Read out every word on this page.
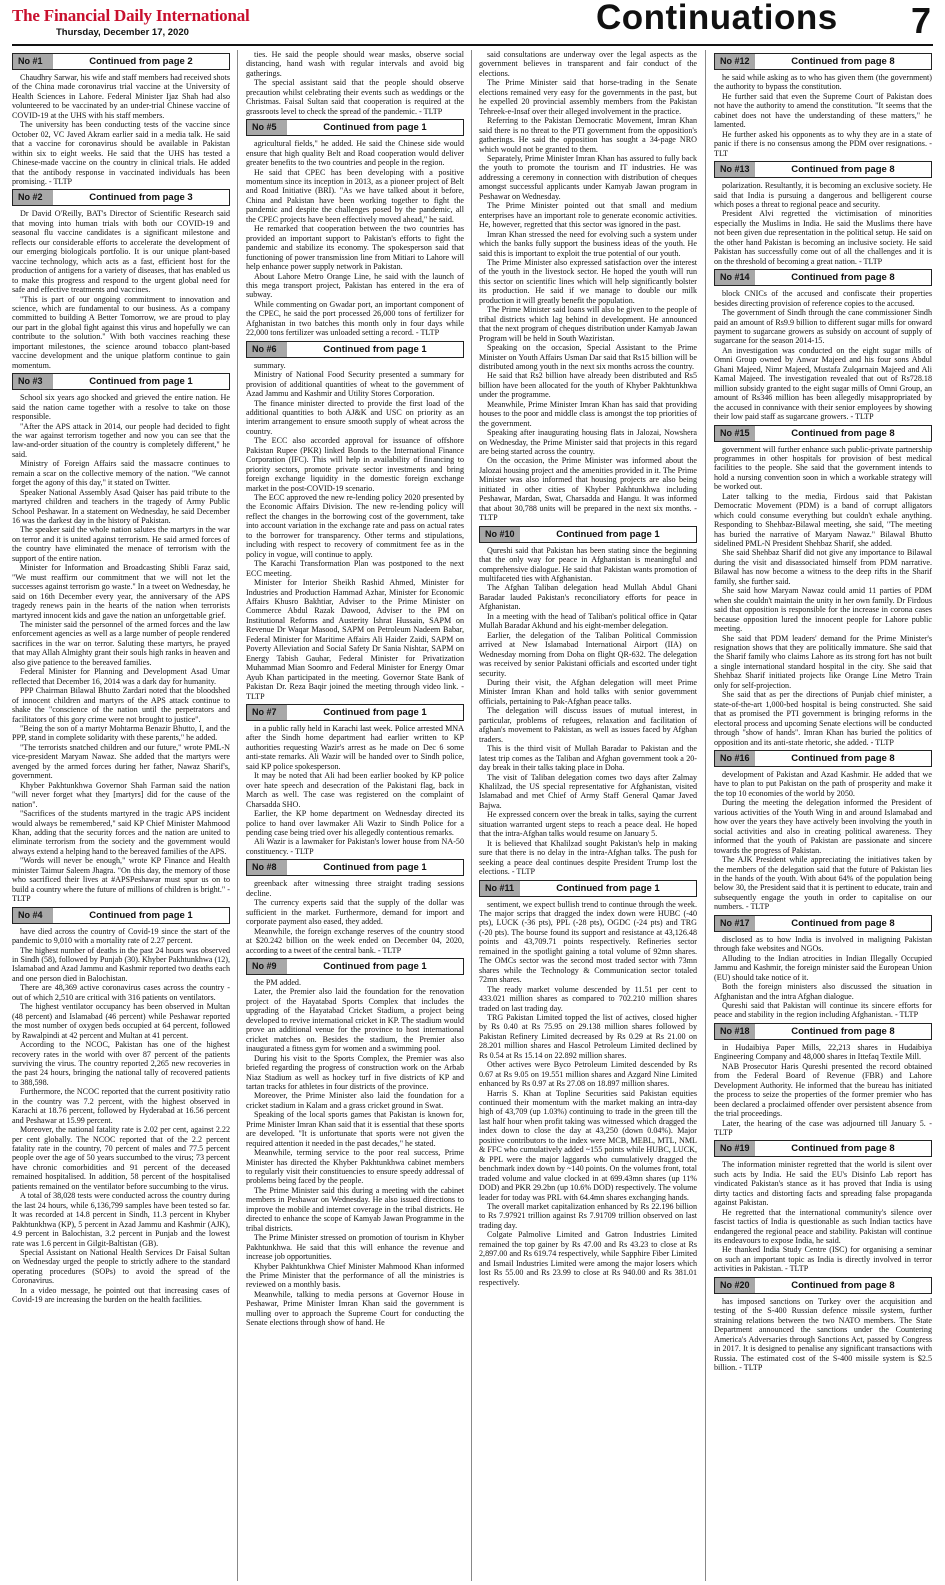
The Financial Daily International
Thursday, December 17, 2020	Continuations 7
No #1	Continued from page 2

Chaudhry Sarwar, his wife and staff members had received shots of the China made coronavirus trial vaccine at the University of Health Sciences in Lahore. Federal Minister Ijaz Shah had also volunteered to be vaccinated by an under-trial Chinese vaccine of COVID-19 at the UHS with his staff members.

The university has been conducting tests of the vaccine since October 02, VC Javed Akram earlier said in a media talk. He said that a vaccine for coronavirus should be available in Pakistan within six to eight weeks. He said that the UHS has tested a Chinese-made vaccine on the country in clinical trials. He added that the antibody response in vaccinated individuals has been promising. - TLTP

No #2	Continued from page 3

Dr David O'Reilly, BAT's Director of Scientific Research said that moving into human trials with both our COVID-19 and seasonal flu vaccine candidates is a significant milestone and reflects our considerable efforts to accelerate the development of our emerging biologicals portfolio. It is our unique plant-based vaccine technology, which acts as a fast, efficient host for the production of antigens for a variety of diseases, that has enabled us to make this progress and respond to the urgent global need for safe and effective treatments and vaccines.

"This is part of our ongoing commitment to innovation and science, which are fundamental to our business. As a company committed to building A Better Tomorrow, we are proud to play our part in the global fight against this virus and hopefully we can contribute to the solution." With both vaccines reaching these important milestones, the science around tobacco plant-based vaccine development and the unique platform continue to gain momentum.

No #3	Continued from page 1

School six years ago shocked and grieved the entire nation. He said the nation came together with a resolve to take on those responsible.

"After the APS attack in 2014, our people had decided to fight the war against terrorism together and now you can see that the law-and-order situation of the country is completely different," he said.

Ministry of Foreign Affairs said the massacre continues to remain a scar on the collective memory of the nation. "We cannot forget the agony of this day," it stated on Twitter.

Speaker National Assembly Asad Qaiser has paid tribute to the martyred children and teachers in the tragedy of Army Public School Peshawar. In a statement on Wednesday, he said December 16 was the darkest day in the history of Pakistan.

The speaker said the whole nation salutes the martyrs in the war on terror and it is united against terrorism. He said armed forces of the country have eliminated the menace of terrorism with the support of the entire nation.

Minister for Information and Broadcasting Shibli Faraz said, "We must reaffirm our commitment that we will not let the successes against terrorism go waste." In a tweet on Wednesday, he said on 16th December every year, the anniversary of the APS tragedy renews pain in the hearts of the nation when terrorists martyred innocent kids and gave the nation an unforgettable grief.

The minister said the personnel of the armed forces and the law enforcement agencies as well as a large number of people rendered sacrifices in the war on terror. Saluting these martyrs, he prayed that may Allah Almighty grant their souls high ranks in heaven and also give patience to the bereaved families.

Federal Minister for Planning and Development Asad Umar reflected that December 16, 2014 was a dark day for humanity.

PPP Chairman Bilawal Bhutto Zardari noted that the bloodshed of innocent children and martyrs of the APS attack continue to shake the "conscience of the nation until the perpetrators and facilitators of this gory crime were not brought to justice".

"Being the son of a martyr Mohtarma Benazir Bhutto, I, and the PPP, stand in complete solidarity with these parents," he added.

"The terrorists snatched children and our future," wrote PML-N vice-president Maryam Nawaz. She added that the martyrs were avenged by the armed forces during her father, Nawaz Sharif's, government.

Khyber Pakhtunkhwa Governor Shah Farman said the nation "will never forget what they [martyrs] did for the cause of the nation".

"Sacrifices of the students martyred in the tragic APS incident would always be remembered," said KP Chief Minister Mahmood Khan, adding that the security forces and the nation are united to eliminate terrorism from the society and the government would always extend a helping hand to the bereaved families of the APS.

"Words will never be enough," wrote KP Finance and Health minister Taimur Saleem Jhagra. "On this day, the memory of those who sacrificed their lives at #APSPeshawar must spur us on to build a country where the future of millions of children is bright." - TLTP

No #4	Continued from page 1

have died across the country of Covid-19 since the start of the pandemic to 9,010 with a mortality rate of 2.27 percent.

The highest number of deaths in the past 24 hours was observed in Sindh (58), followed by Punjab (30). Khyber Pakhtunkhwa (12), Islamabad and Azad Jammu and Kashmir reported two deaths each and one person died in Balochistan.

There are 48,369 active coronavirus cases across the country - out of which 2,510 are critical with 316 patients on ventilators.

The highest ventilator occupancy has been observed in Multan (48 percent) and Islamabad (46 percent) while Peshawar reported the most number of oxygen beds occupied at 64 percent, followed by Rawalpindi at 42 percent and Multan at 41 percent.

According to the NCOC, Pakistan has one of the highest recovery rates in the world with over 87 percent of the patients surviving the virus. The country reported 2,265 new recoveries in the past 24 hours, bringing the national tally of recovered patients to 388,598.

Furthermore, the NCOC reported that the current positivity ratio in the country was 7.2 percent, with the highest observed in Karachi at 18.76 percent, followed by Hyderabad at 16.56 percent and Peshawar at 15.99 percent.

Moreover, the national fatality rate is 2.02 per cent, against 2.22 per cent globally. The NCOC reported that of the 2.2 percent fatality rate in the country, 70 percent of males and 77.5 percent people over the age of 50 years succumbed to the virus; 73 percent have chronic comorbidities and 91 percent of the deceased remained hospitalised. In addition, 58 percent of the hospitalised patients remained on the ventilator before succumbing to the virus.

A total of 38,028 tests were conducted across the country during the last 24 hours, while 6,136,799 samples have been tested so far. It was recorded at 14.8 percent in Sindh, 11.3 percent in Khyber Pakhtunkhwa (KP), 5 percent in Azad Jammu and Kashmir (AJK), 4.9 percent in Balochistan, 3.2 percent in Punjab and the lowest rate was 1.6 percent in Gilgit-Baltistan (GB).

Special Assistant on National Health Services Dr Faisal Sultan on Wednesday urged the people to strictly adhere to the standard operating procedures (SOPs) to avoid the spread of the Coronavirus.

In a video message, he pointed out that increasing cases of Covid-19 are increasing the burden on the health facilities.

ties. He said the people should wear masks, observe social distancing, hand wash with regular intervals and avoid big gatherings.

The special assistant said that the people should observe precaution whilst celebrating their events such as weddings or the Christmas. Faisal Sultan said that cooperation is required at the grassroots level to check the spread of the pandemic. - TLTP

No #5	Continued from page 1

agricultural fields," he added. He said the Chinese side would ensure that high quality Belt and Road cooperation would deliver greater benefits to the two countries and people in the region.

He said that CPEC has been developing with a positive momentum since its inception in 2013, as a pioneer project of Belt and Road Initiative (BRI). "As we have talked about it before, China and Pakistan have been working together to fight the pandemic and despite the challenges posed by the pandemic, all the CPEC projects have been effectively moved ahead," he said.

He remarked that cooperation between the two countries has provided an important support to Pakistan's efforts to fight the pandemic and stabilize its economy. The spokesperson said that functioning of power transmission line from Mitiari to Lahore will help enhance power supply network in Pakistan.

About Lahore Metro Orange Line, he said with the launch of this mega transport project, Pakistan has entered in the era of subway.

While commenting on Gwadar port, an important component of the CPEC, he said the port processed 26,000 tons of fertilizer for Afghanistan in two batches this month only in four days while 22,000 tons fertilizer was unloaded setting a record. - TLTP

No #6	Continued from page 1

summary.

Ministry of National Food Security presented a summary for provision of additional quantities of wheat to the government of Azad Jammu and Kashmir and Utility Stores Corporation.

The finance minister directed to provide the first load of the additional quantities to both AJ&K and USC on priority as an interim arrangement to ensure smooth supply of wheat across the country.

The ECC also accorded approval for issuance of offshore Pakistan Rupee (PKR) linked Bonds to the International Finance Corporation (IFC). This will help in availability of financing to priority sectors, promote private sector investments and bring foreign exchange liquidity in the domestic foreign exchange market in the post-COVID-19 scenario.

The ECC approved the new re-lending policy 2020 presented by the Economic Affairs Division. The new re-lending policy will reflect the changes in the borrowing cost of the government, take into account variation in the exchange rate and pass on actual rates to the borrower for transparency. Other terms and stipulations, including with respect to recovery of commitment fee as in the policy in vogue, will continue to apply.

The Karachi Transformation Plan was postponed to the next ECC meeting.

Minister for Interior Sheikh Rashid Ahmed, Minister for Industries and Production Hammad Azhar, Minister for Economic Affairs Khusro Bakhtiar, Adviser to the Prime Minister on Commerce Abdul Razak Dawood, Adviser to the PM on Institutional Reforms and Austerity Ishrat Hussain, SAPM on Revenue Dr Waqar Masood, SAPM on Petroleum Nadeem Babar, Federal Minister for Maritime Affairs Ali Haider Zaidi, SAPM on Poverty Alleviation and Social Safety Dr Sania Nishtar, SAPM on Energy Tabish Gauhar, Federal Minister for Privatization Muhammad Mian Soomro and Federal Minister for Energy Omar Ayub Khan participated in the meeting. Governor State Bank of Pakistan Dr. Reza Baqir joined the meeting through video link. - TLTP

No #7	Continued from page 1

in a public rally held in Karachi last week. Police arrested MNA after the Sindh home department had earlier written to KP authorities requesting Wazir's arrest as he made on Dec 6 some anti-state remarks. Ali Wazir will be handed over to Sindh police, said KP police spokesperson.

It may be noted that Ali had been earlier booked by KP police over hate speech and desecration of the Pakistani flag, back in March as well. The case was registered on the complaint of Charsadda SHO.

Earlier, the KP home department on Wednesday directed its police to hand over lawmaker Ali Wazir to Sindh Police for a pending case being tried over his allegedly contentious remarks.

Ali Wazir is a lawmaker for Pakistan's lower house from NA-50 constituency. - TLTP

No #8	Continued from page 1

greenback after witnessing three straight trading sessions decline.

The currency experts said that the supply of the dollar was sufficient in the market. Furthermore, demand for import and corporate payment also eased, they added.

Meanwhile, the foreign exchange reserves of the country stood at $20.242 billion on the week ended on December 04, 2020, according to a tweet of the central bank. - TLTP

No #9	Continued from page 1

the PM added.

Later, the Premier also laid the foundation for the renovation project of the Hayatabad Sports Complex that includes the upgrading of the Hayatabad Cricket Stadium, a project being developed to revive international cricket in KP. The stadium would prove an additional venue for the province to host international cricket matches on. Besides the stadium, the Premier also inaugurated a fitness gym for women and a swimming pool.

During his visit to the Sports Complex, the Premier was also briefed regarding the progress of construction work on the Arbab Niaz Stadium as well as hockey turf in five districts of KP and tartan tracks for athletes in four districts of the province.

Moreover, the Prime Minister also laid the foundation for a cricket stadium in Kalam and a grass cricket ground in Swat.

Speaking of the local sports games that Pakistan is known for, Prime Minister Imran Khan said that it is essential that these sports are developed. "It is unfortunate that sports were not given the required attention it needed in the past decades," he stated.

Meanwhile, terming service to the poor real success, Prime Minister has directed the Khyber Pakhtunkhwa cabinet members to regularly visit their constituencies to ensure speedy addressal of problems being faced by the people.

The Prime Minister said this during a meeting with the cabinet members in Peshawar on Wednesday. He also issued directions to improve the mobile and internet coverage in the tribal districts. He directed to enhance the scope of Kamyab Jawan Programme in the tribal districts.

The Prime Minister stressed on promotion of tourism in Khyber Pakhtunkhwa. He said that this will enhance the revenue and increase job opportunities.

Khyber Pakhtunkhwa Chief Minister Mahmood Khan informed the Prime Minister that the performance of all the ministries is reviewed on a monthly basis.

Meanwhile, talking to media persons at Governor House in Peshawar, Prime Minister Imran Khan said the government is mulling over to approach the Supreme Court for conducting the Senate elections through show of hand. He

said consultations are underway over the legal aspects as the government believes in transparent and fair conduct of the elections.

The Prime Minister said that horse-trading in the Senate elections remained very easy for the governments in the past, but he expelled 20 provincial assembly members from the Pakistan Tehreek-e-Insaf over their alleged involvement in the practice.

Referring to the Pakistan Democratic Movement, Imran Khan said there is no threat to the PTI government from the opposition's gatherings. He said the opposition has sought a 34-page NRO which would not be granted to them.

Separately, Prime Minister Imran Khan has assured to fully back the youth to promote the tourism and IT industries. He was addressing a ceremony in connection with distribution of cheques amongst successful applicants under Kamyab Jawan program in Peshawar on Wednesday.

The Prime Minister pointed out that small and medium enterprises have an important role to generate economic activities. He, however, regretted that this sector was ignored in the past.

Imran Khan stressed the need for evolving such a system under which the banks fully support the business ideas of the youth. He said this is important to exploit the true potential of our youth.

The Prime Minister also expressed satisfaction over the interest of the youth in the livestock sector. He hoped the youth will run this sector on scientific lines which will help significantly bolster its production. He said if we manage to double our milk production it will greatly benefit the population.

The Prime Minister said loans will also be given to the people of tribal districts which lag behind in development. He announced that the next program of cheques distribution under Kamyab Jawan Program will be held in South Waziristan.

Speaking on the occasion, Special Assistant to the Prime Minister on Youth Affairs Usman Dar said that Rs15 billion will be distributed among youth in the next six months across the country.

He said that Rs2 billion have already been distributed and Rs5 billion have been allocated for the youth of Khyber Pakhtunkhwa under the programme.

Meanwhile, Prime Minister Imran Khan has said that providing houses to the poor and middle class is amongst the top priorities of the government.

Speaking after inaugurating housing flats in Jalozai, Nowshera on Wednesday, the Prime Minister said that projects in this regard are being started across the country.

On the occasion, the Prime Minister was informed about the Jalozai housing project and the amenities provided in it. The Prime Minister was also informed that housing projects are also being initiated in other cities of Khyber Pakhtunkhwa including Peshawar, Mardan, Swat, Charsadda and Hangu. It was informed that about 30,788 units will be prepared in the next six months. - TLTP

No #10	Continued from page 1

Qureshi said that Pakistan has been stating since the beginning that the only way for peace in Afghanistan is meaningful and comprehensive dialogue. He said that Pakistan wants promotion of multifaceted ties with Afghanistan.

The Afghan Taliban delegation head Mullah Abdul Ghani Baradar lauded Pakistan's reconciliatory efforts for peace in Afghanistan.

In a meeting with the head of Taliban's political office in Qatar Mullah Baradar Akhund and his eight-member delegation.

Earlier, the delegation of the Taliban Political Commission arrived at New Islamabad International Airport (IIA) on Wednesday morning from Doha on flight QR-632. The delegation was received by senior Pakistani officials and escorted under tight security.

During their visit, the Afghan delegation will meet Prime Minister Imran Khan and hold talks with senior government officials, pertaining to Pak-Afghan peace talks.

The delegation will discuss issues of mutual interest, in particular, problems of refugees, relaxation and facilitation of afghan's movement to Pakistan, as well as issues faced by Afghan traders.

This is the third visit of Mullah Baradar to Pakistan and the latest trip comes as the Taliban and Afghan government took a 20-day break in their talks taking place in Doha.

The visit of Taliban delegation comes two days after Zalmay Khalilzad, the US special representative for Afghanistan, visited Islamabad and met Chief of Army Staff General Qamar Javed Bajwa.

He expressed concern over the break in talks, saying the current situation warranted urgent steps to reach a peace deal. He hoped that the intra-Afghan talks would resume on January 5.

It is believed that Khalilzad sought Pakistan's help in making sure that there is no delay in the intra-Afghan talks. The push for seeking a peace deal continues despite President Trump lost the elections. - TLTP

No #11	Continued from page 1

sentiment, we expect bullish trend to continue through the week. The major scrips that dragged the index down were HUBC (-40 pts), LUCK (-36 pts), PPL (-28 pts), OGDC (-24 pts) and TRG (-20 pts). The bourse found its support and resistance at 43,126.48 points and 43,709.71 points respectively. Refineries sector remained in the spotlight gaining a total volume of 92mn shares. The OMCs sector was the second most traded sector with 73mn shares while the Technology & Communication sector totaled 72mn shares.

The ready market volume descended by 11.51 per cent to 433.021 million shares as compared to 702.210 million shares traded on last trading day.

TRG Pakistan Limited topped the list of actives, closed higher by Rs 0.40 at Rs 75.95 on 29.138 million shares followed by Pakistan Refinery Limited decreased by Rs 0.29 at Rs 21.00 on 28.201 million shares and Hascol Petroleum Limited declined by Rs 0.54 at Rs 15.14 on 22.892 million shares.

Other actives were Byco Petroleum Limited descended by Rs 0.67 at Rs 9.05 on 19.551 million shares and Azgard Nine Limited enhanced by Rs 0.97 at Rs 27.08 on 18.897 million shares.

Harris S. Khan at Topline Securities said Pakistan equities continued their momentum with the market making an intra-day high of 43,709 (up 1.03%) continuing to trade in the green till the last half hour when profit taking was witnessed which dragged the index down to close the day at 43,250 (down 0.04%). Major positive contributors to the index were MCB, MEBL, MTL, NML & FFC who cumulatively added ~155 points while HUBC, LUCK, & PPL were the major laggards who cumulatively dragged the benchmark index down by ~140 points. On the volumes front, total traded volume and value clocked in at 699.43mn shares (up 11% DOD) and PKR 29.2bn (up 10.6% DOD) respectively. The volume leader for today was PRL with 64.4mn shares exchanging hands.

The overall market capitalization enhanced by Rs 22.196 billion to Rs 7.97921 trillion against Rs 7.91709 trillion observed on last trading day.

Colgate Palmolive Limited and Gatron Industries Limited remained the top gainer by Rs 47.00 and Rs 43.23 to close at Rs 2,897.00 and Rs 619.74 respectively, while Sapphire Fiber Limited and Ismail Industries Limited were among the major losers which lost Rs 55.00 and Rs 23.99 to close at Rs 940.00 and Rs 381.01 respectively.

No #12	Continued from page 8

he said while asking as to who has given them (the government) the authority to bypass the constitution.

He further said that even the Supreme Court of Pakistan does not have the authority to amend the constitution. "It seems that the cabinet does not have the understanding of these matters," he lamented.

He further asked his opponents as to why they are in a state of panic if there is no consensus among the PDM over resignations. - TLT

No #13	Continued from page 8

polarization. Resultantly, it is becoming an exclusive society. He said that India is pursuing a dangerous and belligerent course which poses a threat to regional peace and security.

President Alvi regretted the victimisation of minorities especially the Muslims in India. He said the Muslims there have not been given due representation in the political setup. He said on the other hand Pakistan is becoming an inclusive society. He said Pakistan has successfully come out of all the challenges and it is on the threshold of becoming a great nation. - TLTP

No #14	Continued from page 8

block CNICs of the accused and confiscate their properties besides directing provision of reference copies to the accused.

The government of Sindh through the cane commissioner Sindh paid an amount of Rs9.9 billion to different sugar mills for onward payment to sugarcane growers as subsidy on account of supply of sugarcane for the season 2014-15.

An investigation was conducted on the eight sugar mills of Omni Group owned by Anwar Majeed and his four sons Abdul Ghani Majeed, Nimr Majeed, Mustafa Zulqarnain Majeed and Ali Kamal Majeed. The investigation revealed that out of Rs728.18 million subsidy granted to the eight sugar mills of Omni Group, an amount of Rs346 million has been allegedly misappropriated by the accused in connivance with their senior employees by showing their low paid staff as sugarcane growers. - TLTP

No #15	Continued from page 8

government will further enhance such public-private partnership programmes in other hospitals for provision of best medical facilities to the people. She said that the government intends to hold a nursing convention soon in which a workable strategy will be worked out.

Later talking to the media, Firdous said that Pakistan Democratic Movement (PDM) is a band of corrupt alligators which could consume everything but couldn't exhale anything. Responding to Shehbaz-Bilawal meeting, she said, "The meeting has buried the narrative of Maryam Nawaz." Bilawal Bhutto sidelined PML-N President Shehbaz Sharif, she added.

She said Shehbaz Sharif did not give any importance to Bilawal during the visit and disassociated himself from PDM narrative. Bilawal has now become a witness to the deep rifts in the Sharif family, she further said.

She said how Maryam Nawaz could amid 11 parties of PDM when she couldn't maintain the unity in her own family. Dr Firdous said that opposition is responsible for the increase in corona cases because opposition lured the innocent people for Lahore public meeting.

She said that PDM leaders' demand for the Prime Minister's resignation shows that they are politically immature. She said that the Sharif family who claims Lahore as its strong fort has not built a single international standard hospital in the city. She said that Shehbaz Sharif initiated projects like Orange Line Metro Train only for self-projection.

She said that as per the directions of Punjab chief minister, a state-of-the-art 1,000-bed hospital is being constructed. She said that as promised the PTI government is bringing reforms in the electoral process and upcoming Senate elections will be conducted through "show of hands". Imran Khan has buried the politics of opposition and its anti-state rhetoric, she added. - TLTP

No #16	Continued from page 8

development of Pakistan and Azad Kashmir. He added that we have to plan to put Pakistan on the path of prosperity and make it the top 10 economies of the world by 2050.

During the meeting the delegation informed the President of various activities of the Youth Wing in and around Islamabad and how over the years they have actively been involving the youth in social activities and also in creating political awareness. They informed that the youth of Pakistan are passionate and sincere towards the progress of Pakistan.

The AJK President while appreciating the initiatives taken by the members of the delegation said that the future of Pakistan lies in the hands of the youth. With about 64% of the population being below 30, the President said that it is pertinent to educate, train and subsequently engage the youth in order to capitalise on our numbers. - TLTP

No #17	Continued from page 8

disclosed as to how India is involved in maligning Pakistan through fake websites and NGOs.

Alluding to the Indian atrocities in Indian Illegally Occupied Jammu and Kashmir, the foreign minister said the European Union (EU) should take notice of it.

Both the foreign ministers also discussed the situation in Afghanistan and the intra Afghan dialogue.

Qureshi said that Pakistan will continue its sincere efforts for peace and stability in the region including Afghanistan. - TLTP

No #18	Continued from page 8

in Hudaibiya Paper Mills, 22,213 shares in Hudaibiya Engineering Company and 48,000 shares in Ittefaq Textile Mill.

NAB Prosecutor Haris Qureshi presented the record obtained from the Federal Board of Revenue (FBR) and Lahore Development Authority. He informed that the bureau has initiated the process to seize the properties of the former premier who has been declared a proclaimed offender over persistent absence from the trial proceedings.

Later, the hearing of the case was adjourned till January 5. - TLTP

No #19	Continued from page 8

The information minister regretted that the world is silent over such acts by India. He said the EU's Disinfo Lab report has vindicated Pakistan's stance as it has proved that India is using dirty tactics and distorting facts and spreading false propaganda against Pakistan.

He regretted that the international community's silence over fascist tactics of India is questionable as such Indian tactics have endangered the regional peace and stability. Pakistan will continue its endeavours to expose India, he said.

He thanked India Study Centre (ISC) for organising a seminar on such an important topic as India is directly involved in terror activities in Pakistan. - TLTP

No #20	Continued from page 8

has imposed sanctions on Turkey over the acquisition and testing of the S-400 Russian defence missile system, further straining relations between the two NATO members. The State Department announced the sanctions under the Countering America's Adversaries through Sanctions Act, passed by Congress in 2017. It is designed to penalise any significant transactions with Russia. The estimated cost of the S-400 missile system is $2.5 billion. - TLTP
